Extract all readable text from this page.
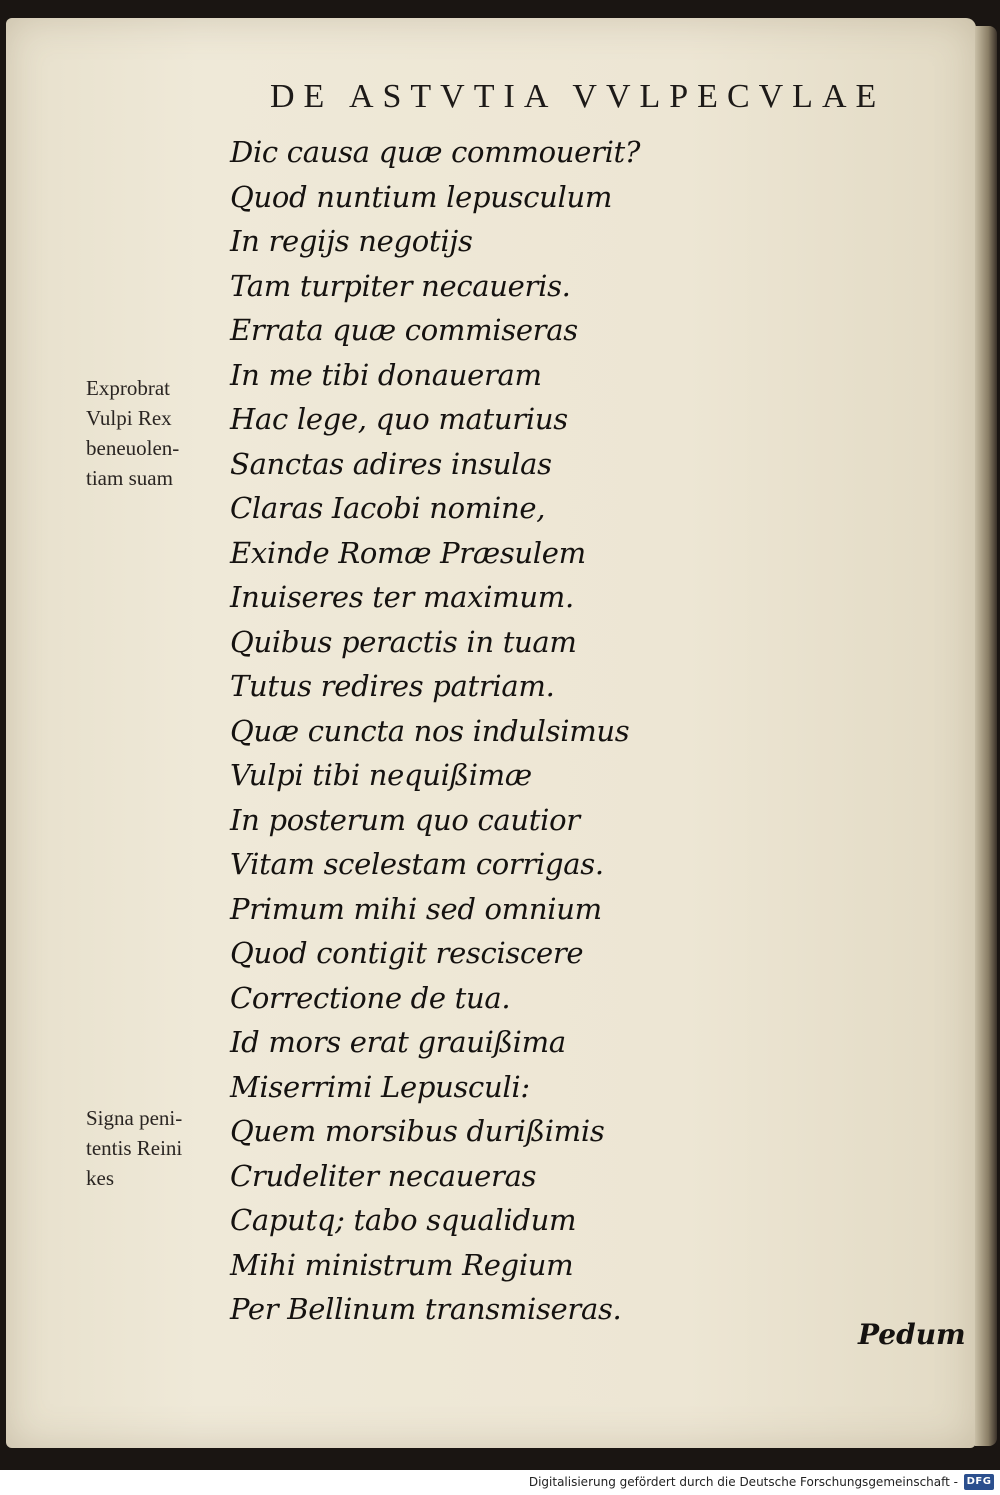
DE ASTVTIA VVLPECVLAE
Dic causa quæ commouerit?
Quod nuntium lepusculum
In regijs negotijs
Tam turpiter necaueris.
Errata quæ commiseras
In me tibi donaueram
Hac lege, quo maturius
Sanctas adires insulas
Claras Iacobi nomine,
Exinde Romæ Præsulem
Inuiseres ter maximum.
Quibus peractis in tuam
Tutus redires patriam.
Quæ cuncta nos indulsimus
Vulpi tibi nequißimæ
In posterum quo cautior
Vitam scelestam corrigas.
Primum mihi sed omnium
Quod contigit resciscere
Correctione de tua.
Id mors erat grauißima
Miserrimi Lepusculi:
Quem morsibus durißimis
Crudeliter necaueras
Caputq; tabo squalidum
Mihi ministrum Regium
Per Bellinum transmiseras.
Exprobrat
Vulpi Rex
beneuolen-
tiam suam
Signa peni-
tentis Reini
kes
Pedum
Digitalisierung gefördert durch die Deutsche Forschungsgemeinschaft - DFG
